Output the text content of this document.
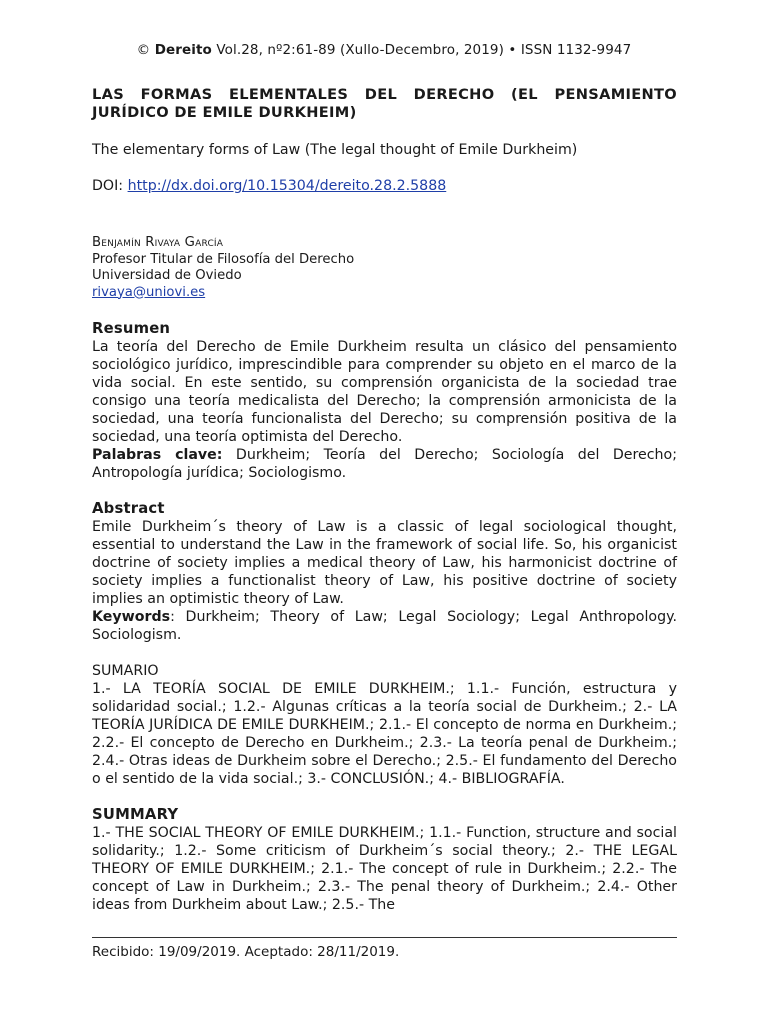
© Dereito Vol.28, nº2:61-89 (Xullo-Decembro, 2019) • ISSN 1132-9947
LAS FORMAS ELEMENTALES DEL DERECHO (EL PENSAMIENTO JURÍDICO DE EMILE DURKHEIM)
The elementary forms of Law (The legal thought of Emile Durkheim)
DOI: http://dx.doi.org/10.15304/dereito.28.2.5888
Benjamín Rivaya García
Profesor Titular de Filosofía del Derecho
Universidad de Oviedo
rivaya@uniovi.es
Resumen
La teoría del Derecho de Emile Durkheim resulta un clásico del pensamiento sociológico jurídico, imprescindible para comprender su objeto en el marco de la vida social. En este sentido, su comprensión organicista de la sociedad trae consigo una teoría medicalista del Derecho; la comprensión armonicista de la sociedad, una teoría funcionalista del Derecho; su comprensión positiva de la sociedad, una teoría optimista del Derecho.
Palabras clave: Durkheim; Teoría del Derecho; Sociología del Derecho; Antropología jurídica; Sociologismo.
Abstract
Emile Durkheim´s theory of Law is a classic of legal sociological thought, essential to understand the Law in the framework of social life. So, his organicist doctrine of society implies a medical theory of Law, his harmonicist doctrine of society implies a functionalist theory of Law, his positive doctrine of society implies an optimistic theory of Law.
Keywords: Durkheim; Theory of Law; Legal Sociology; Legal Anthropology. Sociologism.
SUMARIO
1.- LA TEORÍA SOCIAL DE EMILE DURKHEIM.; 1.1.- Función, estructura y solidaridad social.; 1.2.- Algunas críticas a la teoría social de Durkheim.; 2.- LA TEORÍA JURÍDICA DE EMILE DURKHEIM.; 2.1.- El concepto de norma en Durkheim.; 2.2.- El concepto de Derecho en Durkheim.; 2.3.- La teoría penal de Durkheim.; 2.4.- Otras ideas de Durkheim sobre el Derecho.; 2.5.- El fundamento del Derecho o el sentido de la vida social.; 3.- CONCLUSIÓN.; 4.- BIBLIOGRAFÍA.
SUMMARY
1.- THE SOCIAL THEORY OF EMILE DURKHEIM.; 1.1.- Function, structure and social solidarity.; 1.2.- Some criticism of Durkheim´s social theory.; 2.- THE LEGAL THEORY OF EMILE DURKHEIM.; 2.1.- The concept of rule in Durkheim.; 2.2.- The concept of Law in Durkheim.; 2.3.- The penal theory of Durkheim.; 2.4.- Other ideas from Durkheim about Law.; 2.5.- The
Recibido: 19/09/2019. Aceptado: 28/11/2019.
